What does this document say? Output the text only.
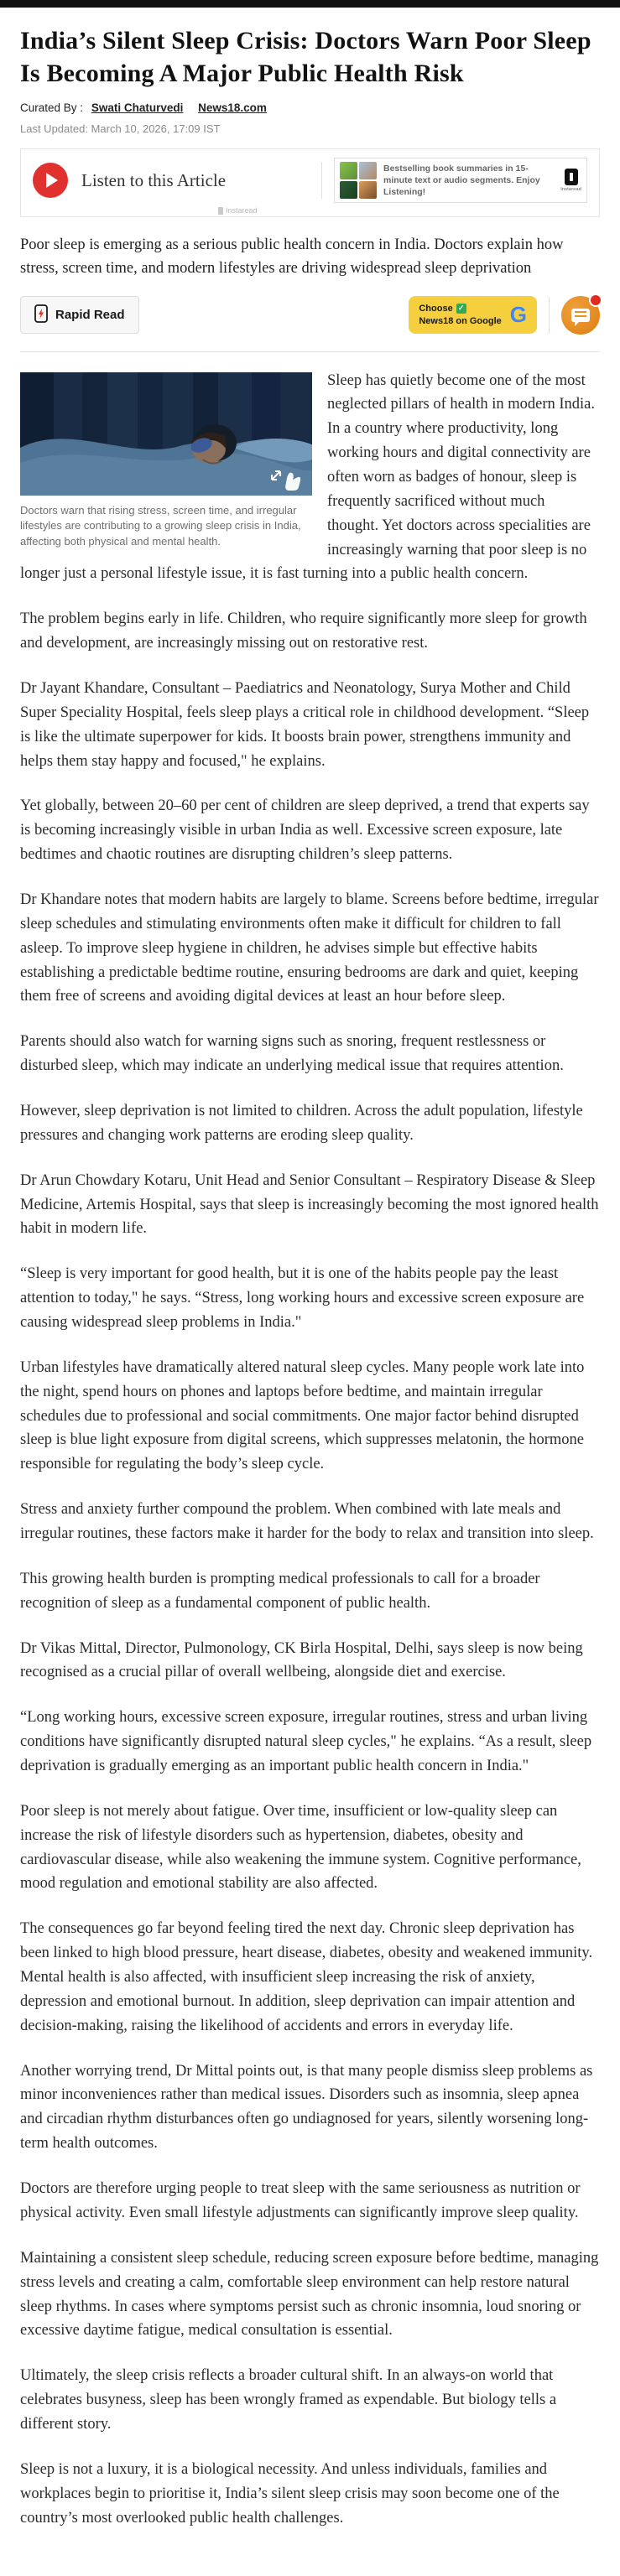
India’s Silent Sleep Crisis: Doctors Warn Poor Sleep Is Becoming A Major Public Health Risk
Curated By : Swati Chaturvedi News18.com
Last Updated: March 10, 2026, 17:09 IST
Listen to this Article
Bestselling book summaries in 15-minute text or audio segments. Enjoy Listening!	Instaread
Instaread

Poor sleep is emerging as a serious public health concern in India. Doctors explain how stress, screen time, and modern lifestyles are driving widespread sleep deprivation

Rapid Read	Choose ✓
News18 on Google G
Doctors warn that rising stress, screen time, and irregular lifestyles are contributing to a growing sleep crisis in India, affecting both physical and mental health.

Sleep has quietly become one of the most neglected pillars of health in modern India. In a country where productivity, long working hours and digital connectivity are often worn as badges of honour, sleep is frequently sacrificed without much thought. Yet doctors across specialities are increasingly warning that poor sleep is no longer just a personal lifestyle issue, it is fast turning into a public health concern.

The problem begins early in life. Children, who require significantly more sleep for growth and development, are increasingly missing out on restorative rest.

Dr Jayant Khandare, Consultant – Paediatrics and Neonatology, Surya Mother and Child Super Speciality Hospital, feels sleep plays a critical role in childhood development. “Sleep is like the ultimate superpower for kids. It boosts brain power, strengthens immunity and helps them stay happy and focused," he explains.

Yet globally, between 20–60 per cent of children are sleep deprived, a trend that experts say is becoming increasingly visible in urban India as well. Excessive screen exposure, late bedtimes and chaotic routines are disrupting children’s sleep patterns.

Dr Khandare notes that modern habits are largely to blame. Screens before bedtime, irregular sleep schedules and stimulating environments often make it difficult for children to fall asleep. To improve sleep hygiene in children, he advises simple but effective habits establishing a predictable bedtime routine, ensuring bedrooms are dark and quiet, keeping them free of screens and avoiding digital devices at least an hour before sleep.

Parents should also watch for warning signs such as snoring, frequent restlessness or disturbed sleep, which may indicate an underlying medical issue that requires attention.

However, sleep deprivation is not limited to children. Across the adult population, lifestyle pressures and changing work patterns are eroding sleep quality.

Dr Arun Chowdary Kotaru, Unit Head and Senior Consultant – Respiratory Disease & Sleep Medicine, Artemis Hospital, says that sleep is increasingly becoming the most ignored health habit in modern life.

“Sleep is very important for good health, but it is one of the habits people pay the least attention to today," he says. “Stress, long working hours and excessive screen exposure are causing widespread sleep problems in India."

Urban lifestyles have dramatically altered natural sleep cycles. Many people work late into the night, spend hours on phones and laptops before bedtime, and maintain irregular schedules due to professional and social commitments. One major factor behind disrupted sleep is blue light exposure from digital screens, which suppresses melatonin, the hormone responsible for regulating the body’s sleep cycle.

Stress and anxiety further compound the problem. When combined with late meals and irregular routines, these factors make it harder for the body to relax and transition into sleep.

This growing health burden is prompting medical professionals to call for a broader recognition of sleep as a fundamental component of public health.

Dr Vikas Mittal, Director, Pulmonology, CK Birla Hospital, Delhi, says sleep is now being recognised as a crucial pillar of overall wellbeing, alongside diet and exercise.

“Long working hours, excessive screen exposure, irregular routines, stress and urban living conditions have significantly disrupted natural sleep cycles," he explains. “As a result, sleep deprivation is gradually emerging as an important public health concern in India."

Poor sleep is not merely about fatigue. Over time, insufficient or low-quality sleep can increase the risk of lifestyle disorders such as hypertension, diabetes, obesity and cardiovascular disease, while also weakening the immune system. Cognitive performance, mood regulation and emotional stability are also affected.

The consequences go far beyond feeling tired the next day. Chronic sleep deprivation has been linked to high blood pressure, heart disease, diabetes, obesity and weakened immunity. Mental health is also affected, with insufficient sleep increasing the risk of anxiety, depression and emotional burnout. In addition, sleep deprivation can impair attention and decision-making, raising the likelihood of accidents and errors in everyday life.

Another worrying trend, Dr Mittal points out, is that many people dismiss sleep problems as minor inconveniences rather than medical issues. Disorders such as insomnia, sleep apnea and circadian rhythm disturbances often go undiagnosed for years, silently worsening long-term health outcomes.

Doctors are therefore urging people to treat sleep with the same seriousness as nutrition or physical activity. Even small lifestyle adjustments can significantly improve sleep quality.

Maintaining a consistent sleep schedule, reducing screen exposure before bedtime, managing stress levels and creating a calm, comfortable sleep environment can help restore natural sleep rhythms. In cases where symptoms persist such as chronic insomnia, loud snoring or excessive daytime fatigue, medical consultation is essential.

Ultimately, the sleep crisis reflects a broader cultural shift. In an always-on world that celebrates busyness, sleep has been wrongly framed as expendable. But biology tells a different story.

Sleep is not a luxury, it is a biological necessity. And unless individuals, families and workplaces begin to prioritise it, India’s silent sleep crisis may soon become one of the country’s most overlooked public health challenges.
